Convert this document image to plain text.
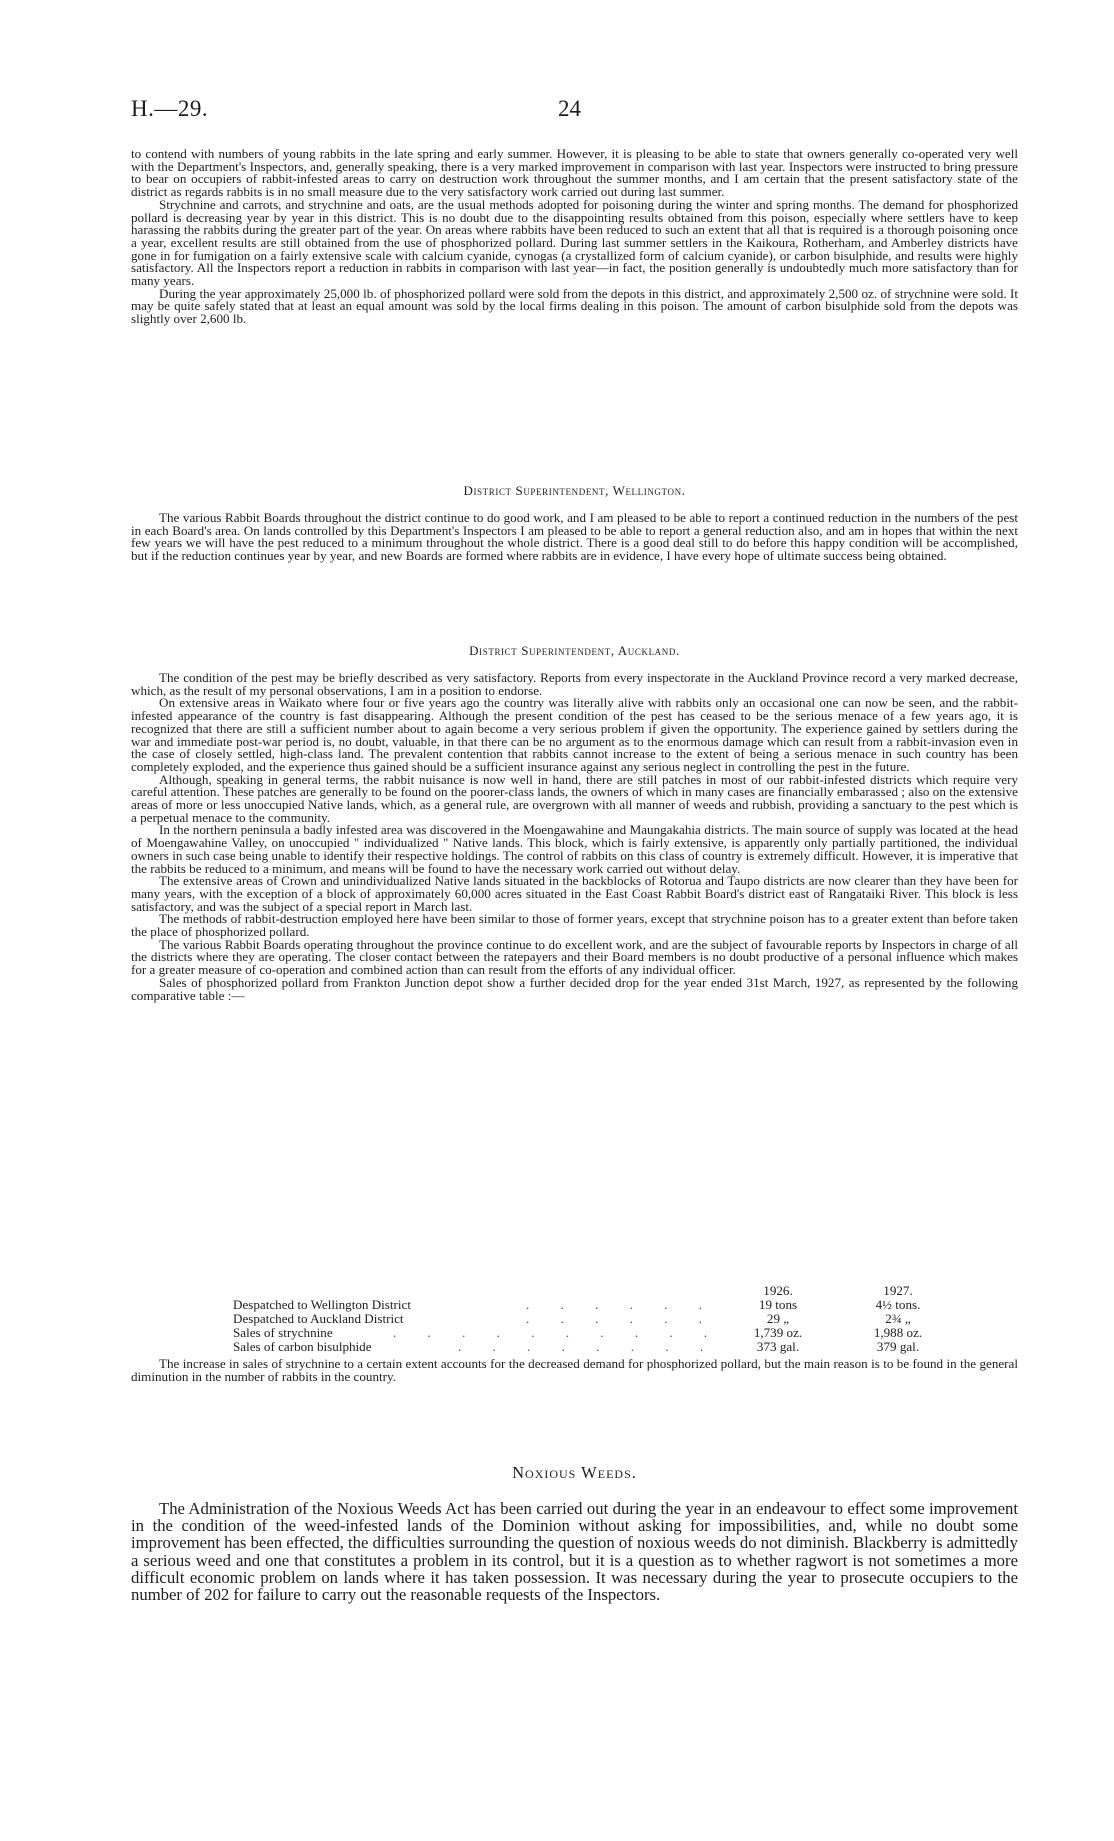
H.—29.	24

to contend with numbers of young rabbits in the late spring and early summer. However, it is pleasing to be able to state that owners generally co-operated very well with the Department's Inspectors, and, generally speaking, there is a very marked improvement in comparison with last year. Inspectors were instructed to bring pressure to bear on occupiers of rabbit-infested areas to carry on destruction work throughout the summer months, and I am certain that the present satisfactory state of the district as regards rabbits is in no small measure due to the very satisfactory work carried out during last summer.

Strychnine and carrots, and strychnine and oats, are the usual methods adopted for poisoning during the winter and spring months. The demand for phosphorized pollard is decreasing year by year in this district. This is no doubt due to the disappointing results obtained from this poison, especially where settlers have to keep harassing the rabbits during the greater part of the year. On areas where rabbits have been reduced to such an extent that all that is required is a thorough poisoning once a year, excellent results are still obtained from the use of phosphorized pollard. During last summer settlers in the Kaikoura, Rotherham, and Amberley districts have gone in for fumigation on a fairly extensive scale with calcium cyanide, cynogas (a crystallized form of calcium cyanide), or carbon bisulphide, and results were highly satisfactory. All the Inspectors report a reduction in rabbits in comparison with last year—in fact, the position generally is undoubtedly much more satisfactory than for many years.

During the year approximately 25,000 lb. of phosphorized pollard were sold from the depots in this district, and approximately 2,500 oz. of strychnine were sold. It may be quite safely stated that at least an equal amount was sold by the local firms dealing in this poison. The amount of carbon bisulphide sold from the depots was slightly over 2,600 lb.

District Superintendent, Wellington.

The various Rabbit Boards throughout the district continue to do good work, and I am pleased to be able to report a continued reduction in the numbers of the pest in each Board's area. On lands controlled by this Department's Inspectors I am pleased to be able to report a general reduction also, and am in hopes that within the next few years we will have the pest reduced to a minimum throughout the whole district. There is a good deal still to do before this happy condition will be accomplished, but if the reduction continues year by year, and new Boards are formed where rabbits are in evidence, I have every hope of ultimate success being obtained.

District Superintendent, Auckland.

The condition of the pest may be briefly described as very satisfactory. Reports from every inspectorate in the Auckland Province record a very marked decrease, which, as the result of my personal observations, I am in a position to endorse.

On extensive areas in Waikato where four or five years ago the country was literally alive with rabbits only an occasional one can now be seen, and the rabbit-infested appearance of the country is fast disappearing. Although the present condition of the pest has ceased to be the serious menace of a few years ago, it is recognized that there are still a sufficient number about to again become a very serious problem if given the opportunity. The experience gained by settlers during the war and immediate post-war period is, no doubt, valuable, in that there can be no argument as to the enormous damage which can result from a rabbit-invasion even in the case of closely settled, high-class land. The prevalent contention that rabbits cannot increase to the extent of being a serious menace in such country has been completely exploded, and the experience thus gained should be a sufficient insurance against any serious neglect in controlling the pest in the future.

Although, speaking in general terms, the rabbit nuisance is now well in hand, there are still patches in most of our rabbit-infested districts which require very careful attention. These patches are generally to be found on the poorer-class lands, the owners of which in many cases are financially embarassed ; also on the extensive areas of more or less unoccupied Native lands, which, as a general rule, are overgrown with all manner of weeds and rubbish, providing a sanctuary to the pest which is a perpetual menace to the community.

In the northern peninsula a badly infested area was discovered in the Moengawahine and Maungakahia districts. The main source of supply was located at the head of Moengawahine Valley, on unoccupied " individualized " Native lands. This block, which is fairly extensive, is apparently only partially partitioned, the individual owners in such case being unable to identify their respective holdings. The control of rabbits on this class of country is extremely difficult. However, it is imperative that the rabbits be reduced to a minimum, and means will be found to have the necessary work carried out without delay.

The extensive areas of Crown and unindividualized Native lands situated in the backblocks of Rotorua and Taupo districts are now clearer than they have been for many years, with the exception of a block of approximately 60,000 acres situated in the East Coast Rabbit Board's district east of Rangataiki River. This block is less satisfactory, and was the subject of a special report in March last.

The methods of rabbit-destruction employed here have been similar to those of former years, except that strychnine poison has to a greater extent than before taken the place of phosphorized pollard.

The various Rabbit Boards operating throughout the province continue to do excellent work, and are the subject of favourable reports by Inspectors in charge of all the districts where they are operating. The closer contact between the ratepayers and their Board members is no doubt productive of a personal influence which makes for a greater measure of co-operation and combined action than can result from the efforts of any individual officer.

Sales of phosphorized pollard from Frankton Junction depot show a further decided drop for the year ended 31st March, 1927, as represented by the following comparative table :—

1926.	1927.
Despatched to Wellington District	. . . . . .	19 tons	4½ tons.
Despatched to Auckland District	. . . . . .	29 „	2¾ „
Sales of strychnine	. . . . . . . . . .	1,739 oz.	1,988 oz.
Sales of carbon bisulphide	. . . . . . . .	373 gal.	379 gal.

The increase in sales of strychnine to a certain extent accounts for the decreased demand for phosphorized pollard, but the main reason is to be found in the general diminution in the number of rabbits in the country.

Noxious Weeds.

The Administration of the Noxious Weeds Act has been carried out during the year in an endeavour to effect some improvement in the condition of the weed-infested lands of the Dominion without asking for impossibilities, and, while no doubt some improvement has been effected, the difficulties surrounding the question of noxious weeds do not diminish. Blackberry is admittedly a serious weed and one that constitutes a problem in its control, but it is a question as to whether ragwort is not sometimes a more difficult economic problem on lands where it has taken possession. It was necessary during the year to prosecute occupiers to the number of 202 for failure to carry out the reasonable requests of the Inspectors.
